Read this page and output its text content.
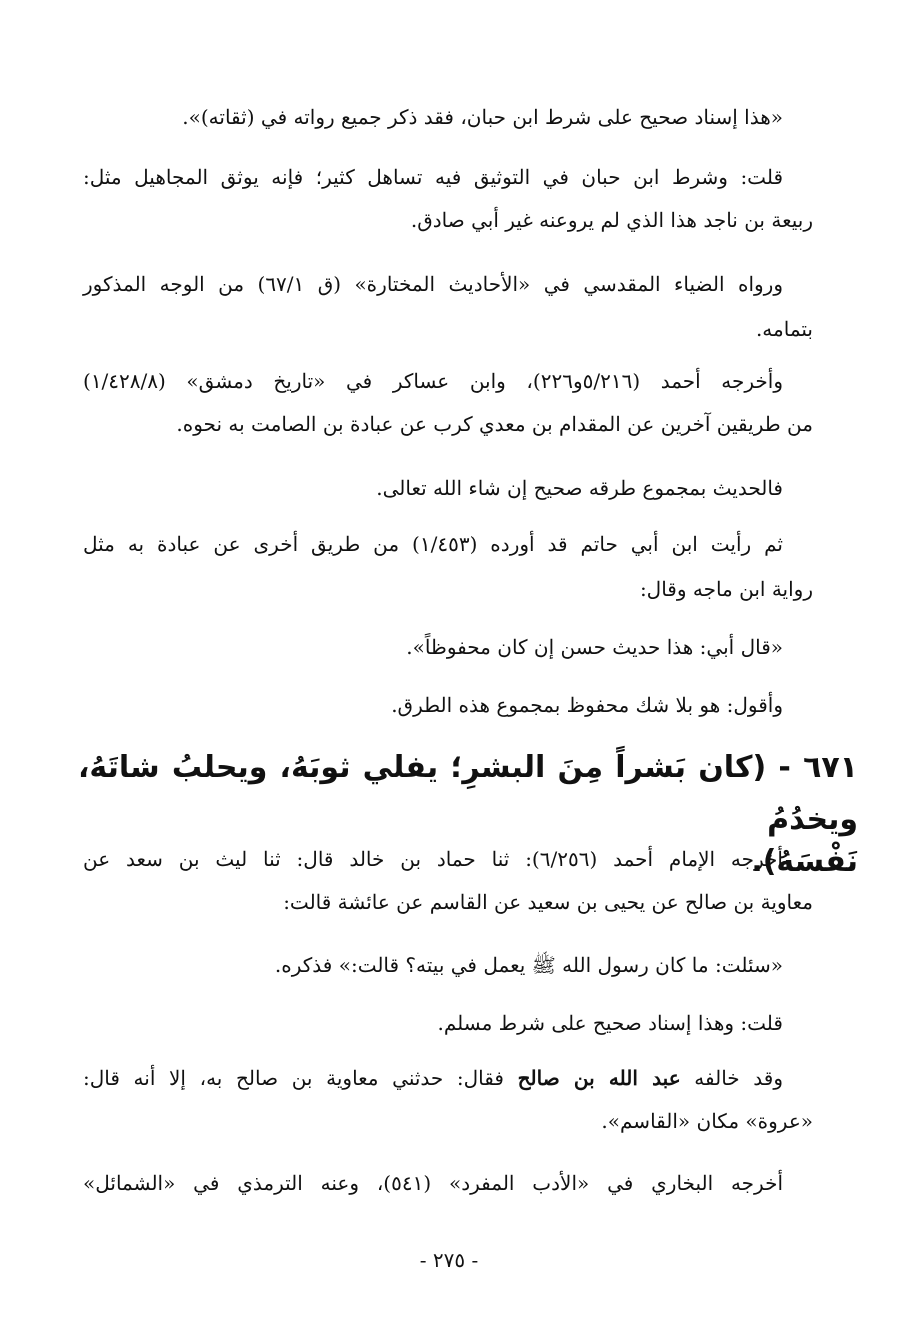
«هذا إسناد صحيح على شرط ابن حبان، فقد ذكر جميع رواته في (ثقاته)».

قلت: وشرط ابن حبان في التوثيق فيه تساهل كثير؛ فإنه يوثق المجاهيل مثل:
ربيعة بن ناجد هذا الذي لم يروعنه غير أبي صادق.

ورواه الضياء المقدسي في «الأحاديث المختارة» (ق ٦٧/١) من الوجه المذكور
بتمامه.

وأخرجه أحمد (٥/٢١٦و٢٢٦)، وابن عساكر في «تاريخ دمشق» (١/٤٢٨/٨)
من طريقين آخرين عن المقدام بن معدي كرب عن عبادة بن الصامت به نحوه.

فالحديث بمجموع طرقه صحيح إن شاء الله تعالى.

ثم رأيت ابن أبي حاتم قد أورده (١/٤٥٣) من طريق أخرى عن عبادة به مثل
رواية ابن ماجه وقال:

«قال أبي: هذا حديث حسن إن كان محفوظاً».

وأقول: هو بلا شك محفوظ بمجموع هذه الطرق.

٦٧١ - (كان بَشراً مِنَ البشرِ؛ يفلي ثوبَهُ، ويحلبُ شاتَهُ، ويخدُمُ
نَفْسَهُ).

أخرجه الإمام أحمد (٦/٢٥٦): ثنا حماد بن خالد قال: ثنا ليث بن سعد عن
معاوية بن صالح عن يحيى بن سعيد عن القاسم عن عائشة قالت:

«سئلت: ما كان رسول الله ﷺ يعمل في بيته؟ قالت:» فذكره.

قلت: وهذا إسناد صحيح على شرط مسلم.

وقد خالفه عبد الله بن صالح فقال: حدثني معاوية بن صالح به، إلا أنه قال:
«عروة» مكان «القاسم».

أخرجه البخاري في «الأدب المفرد» (٥٤١)، وعنه الترمذي في «الشمائل»

- ٢٧٥ -
